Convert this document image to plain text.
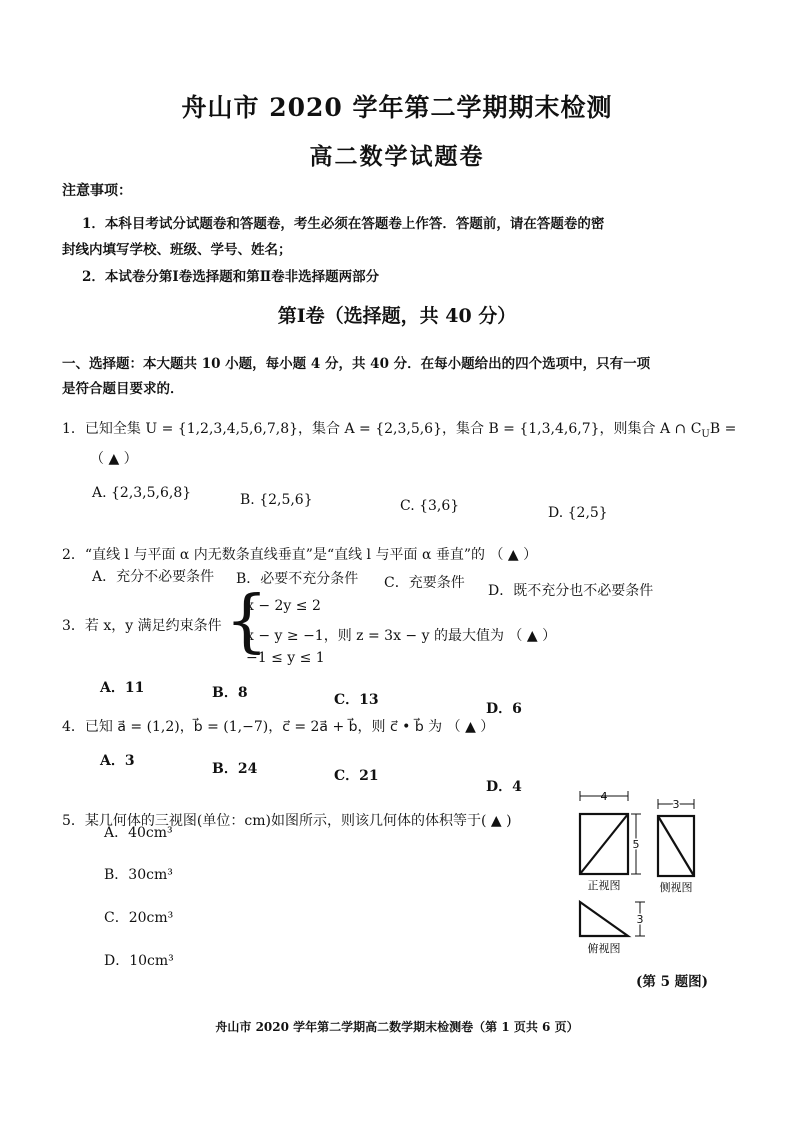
舟山市 2020 学年第二学期期末检测
高二数学试题卷
注意事项：
1．本科目考试分试题卷和答题卷，考生必须在答题卷上作答．答题前，请在答题卷的密
封线内填写学校、班级、学号、姓名；
2．本试卷分第Ⅰ卷选择题和第Ⅱ卷非选择题两部分
第Ⅰ卷（选择题，共 40 分）
一、选择题：本大题共 10 小题，每小题 4 分，共 40 分．在每小题给出的四个选项中，只有一项
是符合题目要求的．
1．已知全集 U = {1,2,3,4,5,6,7,8}，集合 A = {2,3,5,6}，集合 B = {1,3,4,6,7}，则集合 A ∩ $C_UB$ =
（ ▲ ）
A. {2,3,5,6,8}	B. {2,5,6}	C. {3,6}	D. {2,5}
2．“直线 l 与平面 α 内无数条直线垂直”是“直线 l 与平面 α 垂直”的 （ ▲ ）
A．充分不必要条件 B．必要不充分条件 C．充要条件 D．既不充分也不必要条件
3．若 x，y 满足约束条件 {
x − 2y ≤ 2
x − y ≥ −1，则 z = 3x − y 的最大值为 （ ▲ ）
−1 ≤ y ≤ 1
A．11	B．8	C．13
D．6
4．已知 a⃗ = (1,2)，b⃗ = (1,−7)，c⃗ = 2a⃗ + b⃗，则 c⃗ • b⃗ 为 （ ▲ ）
A．3	B．24	C．21
D．4
5．某几何体的三视图(单位：cm)如图所示，则该几何体的体积等于( ▲ )
A．40cm³
B．30cm³
C．20cm³
D．10cm³
4
5
正视图
3
侧视图
3
俯视图
(第 5 题图)
舟山市 2020 学年第二学期高二数学期末检测卷（第 1 页共 6 页）
